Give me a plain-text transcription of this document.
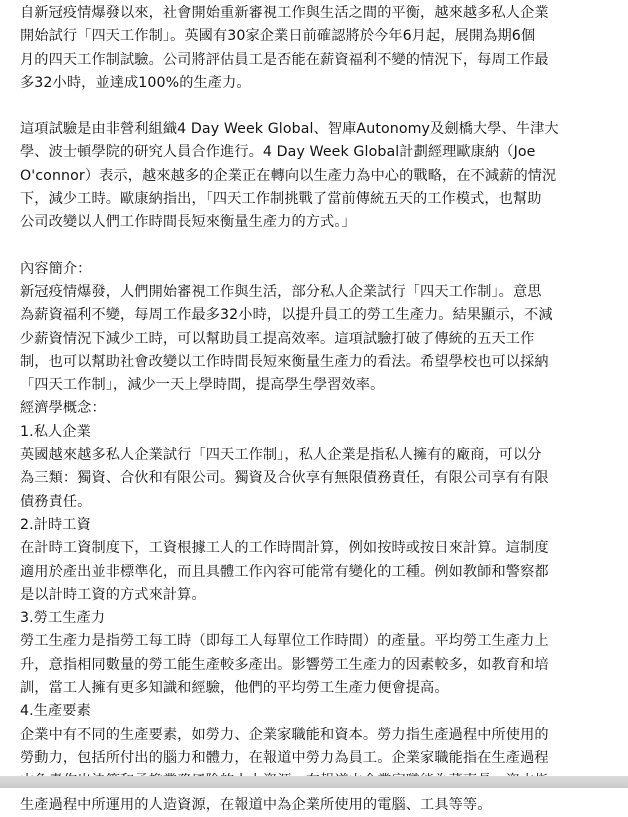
自新冠疫情爆發以來，社會開始重新審視工作與生活之間的平衡，越來越多私人企業
開始試行「四天工作制」。英國有30家企業日前確認將於今年6月起，展開為期6個
月的四天工作制試驗。公司將評估員工是否能在薪資福利不變的情況下，每周工作最
多32小時，並達成100%的生產力。
這項試驗是由非營利組織4 Day Week Global、智庫Autonomy及劍橋大學、牛津大
學、波士頓學院的研究人員合作進行。4 Day Week Global計劃經理歐康納（Joe
O'connor）表示，越來越多的企業正在轉向以生產力為中心的戰略，在不減薪的情況
下，減少工時。歐康納指出，「四天工作制挑戰了當前傳統五天的工作模式，也幫助
公司改變以人們工作時間長短來衡量生產力的方式。」
內容簡介：
新冠疫情爆發，人們開始審視工作與生活，部分私人企業試行「四天工作制」。意思
為薪資福利不變，每周工作最多32小時，以提升員工的勞工生產力。結果顯示，不減
少薪資情況下減少工時，可以幫助員工提高效率。這項試驗打破了傳統的五天工作
制，也可以幫助社會改變以工作時間長短來衡量生產力的看法。希望學校也可以採納
「四天工作制」，減少一天上學時間，提高學生學習效率。
經濟學概念：
1.私人企業
英國越來越多私人企業試行「四天工作制」，私人企業是指私人擁有的廠商，可以分
為三類：獨資、合伙和有限公司。獨資及合伙享有無限債務責任，有限公司享有有限
債務責任。
2.計時工資
在計時工資制度下，工資根據工人的工作時間計算，例如按時或按日來計算。這制度
適用於產出並非標準化，而且具體工作內容可能常有變化的工種。例如教師和警察都
是以計時工資的方式來計算。
3.勞工生產力
勞工生產力是指勞工每工時（即每工人每單位工作時間）的產量。平均勞工生產力上
升，意指相同數量的勞工能生產較多產出。影響勞工生產力的因素較多，如教育和培
訓，當工人擁有更多知識和經驗，他們的平均勞工生產力便會提高。
4.生產要素
企業中有不同的生產要素，如勞力、企業家職能和資本。勞力指生產過程中所使用的
勞動力，包括所付出的腦力和體力，在報道中勞力為員工。企業家職能指在生產過程
生產過程中所運用的人造資源，在報道中為企業所使用的電腦、工具等等。
